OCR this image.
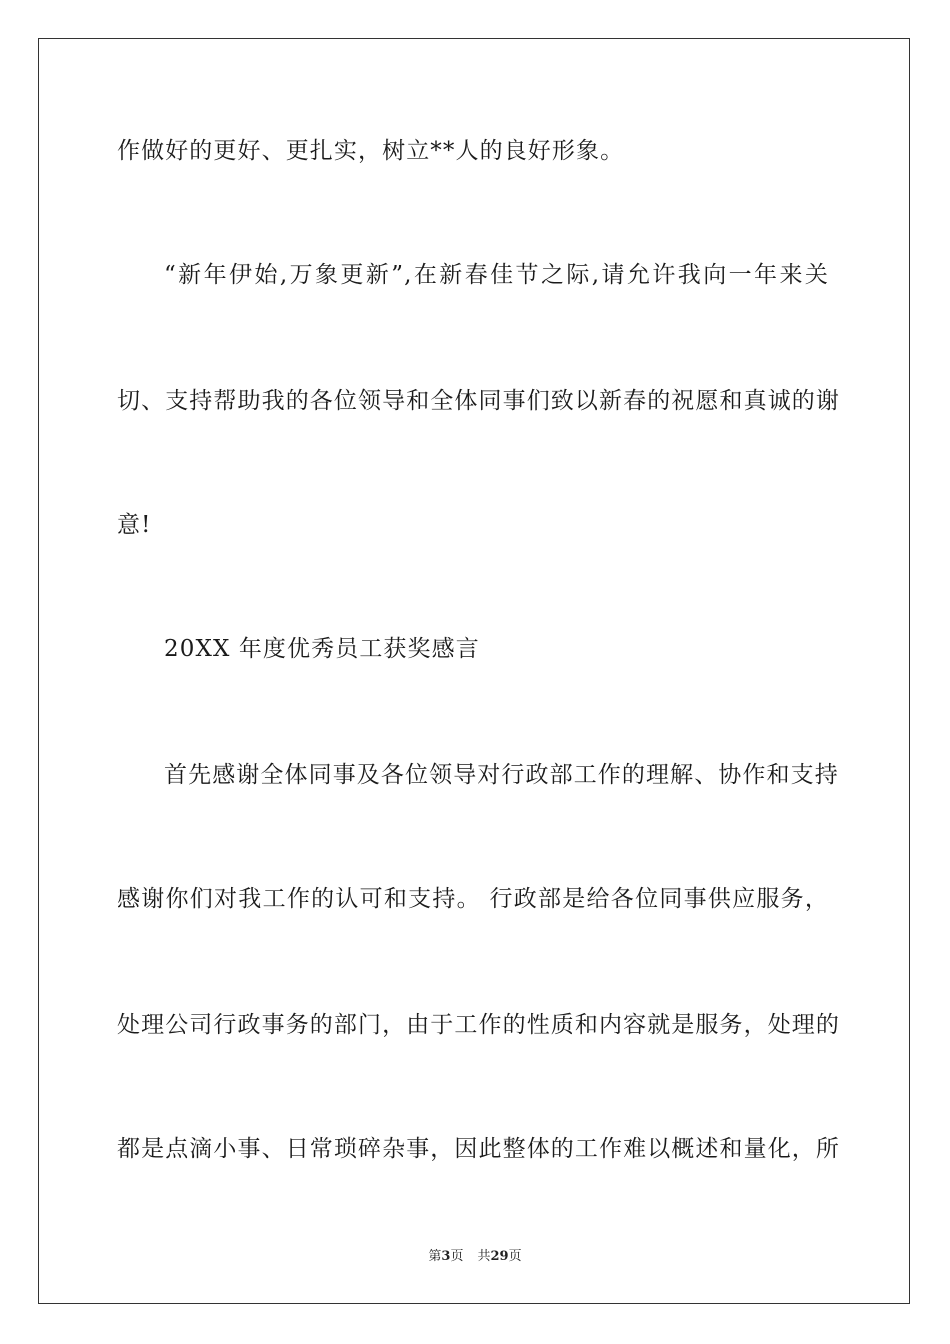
作做好的更好、更扎实，树立**人的良好形象。
“新年伊始,万象更新”,在新春佳节之际,请允许我向一年来关
切、支持帮助我的各位领导和全体同事们致以新春的祝愿和真诚的谢
意!
20XX 年度优秀员工获奖感言
首先感谢全体同事及各位领导对行政部工作的理解、协作和支持
感谢你们对我工作的认可和支持。 行政部是给各位同事供应服务，
处理公司行政事务的部门，由于工作的性质和内容就是服务，处理的
都是点滴小事、日常琐碎杂事，因此整体的工作难以概述和量化，所
第3页 共29页
